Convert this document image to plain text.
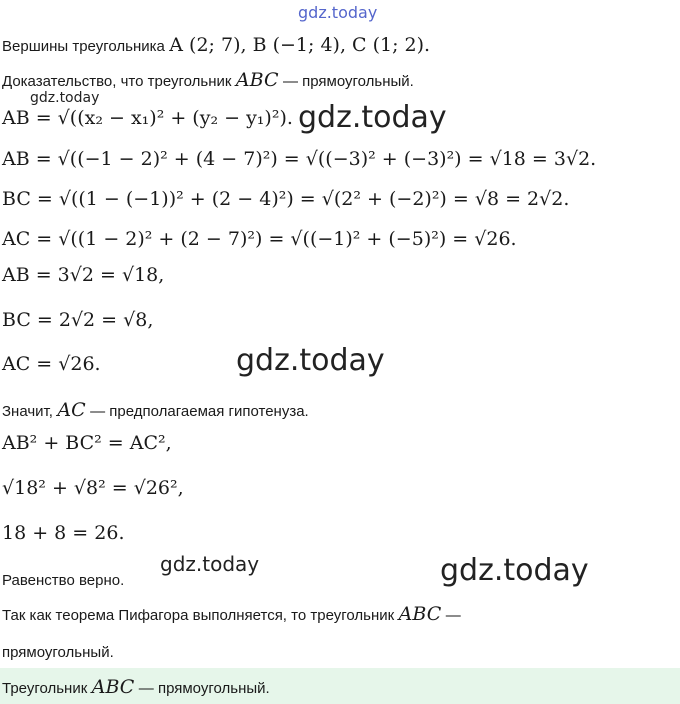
gdz.today
gdz.today
gdz.today
gdz.today
gdz.today	gdz.today
Вершины треугольника A (2; 7), B (−1; 4), C (1; 2).
Доказательство, что треугольник ABC — прямоугольный.
AB = √((x₂ − x₁)² + (y₂ − y₁)²).
AB = √((−1 − 2)² + (4 − 7)²) = √((−3)² + (−3)²) = √18 = 3√2.
BC = √((1 − (−1))² + (2 − 4)²) = √(2² + (−2)²) = √8 = 2√2.
AC = √((1 − 2)² + (2 − 7)²) = √((−1)² + (−5)²) = √26.
AB = 3√2 = √18,
BC = 2√2 = √8,
AC = √26.
Значит, AC — предполагаемая гипотенуза.
AB² + BC² = AC²,
√18² + √8² = √26²,
18 + 8 = 26.
Равенство верно.
Так как теорема Пифагора выполняется, то треугольник ABC —
прямоугольный.
Треугольник ABC — прямоугольный.
